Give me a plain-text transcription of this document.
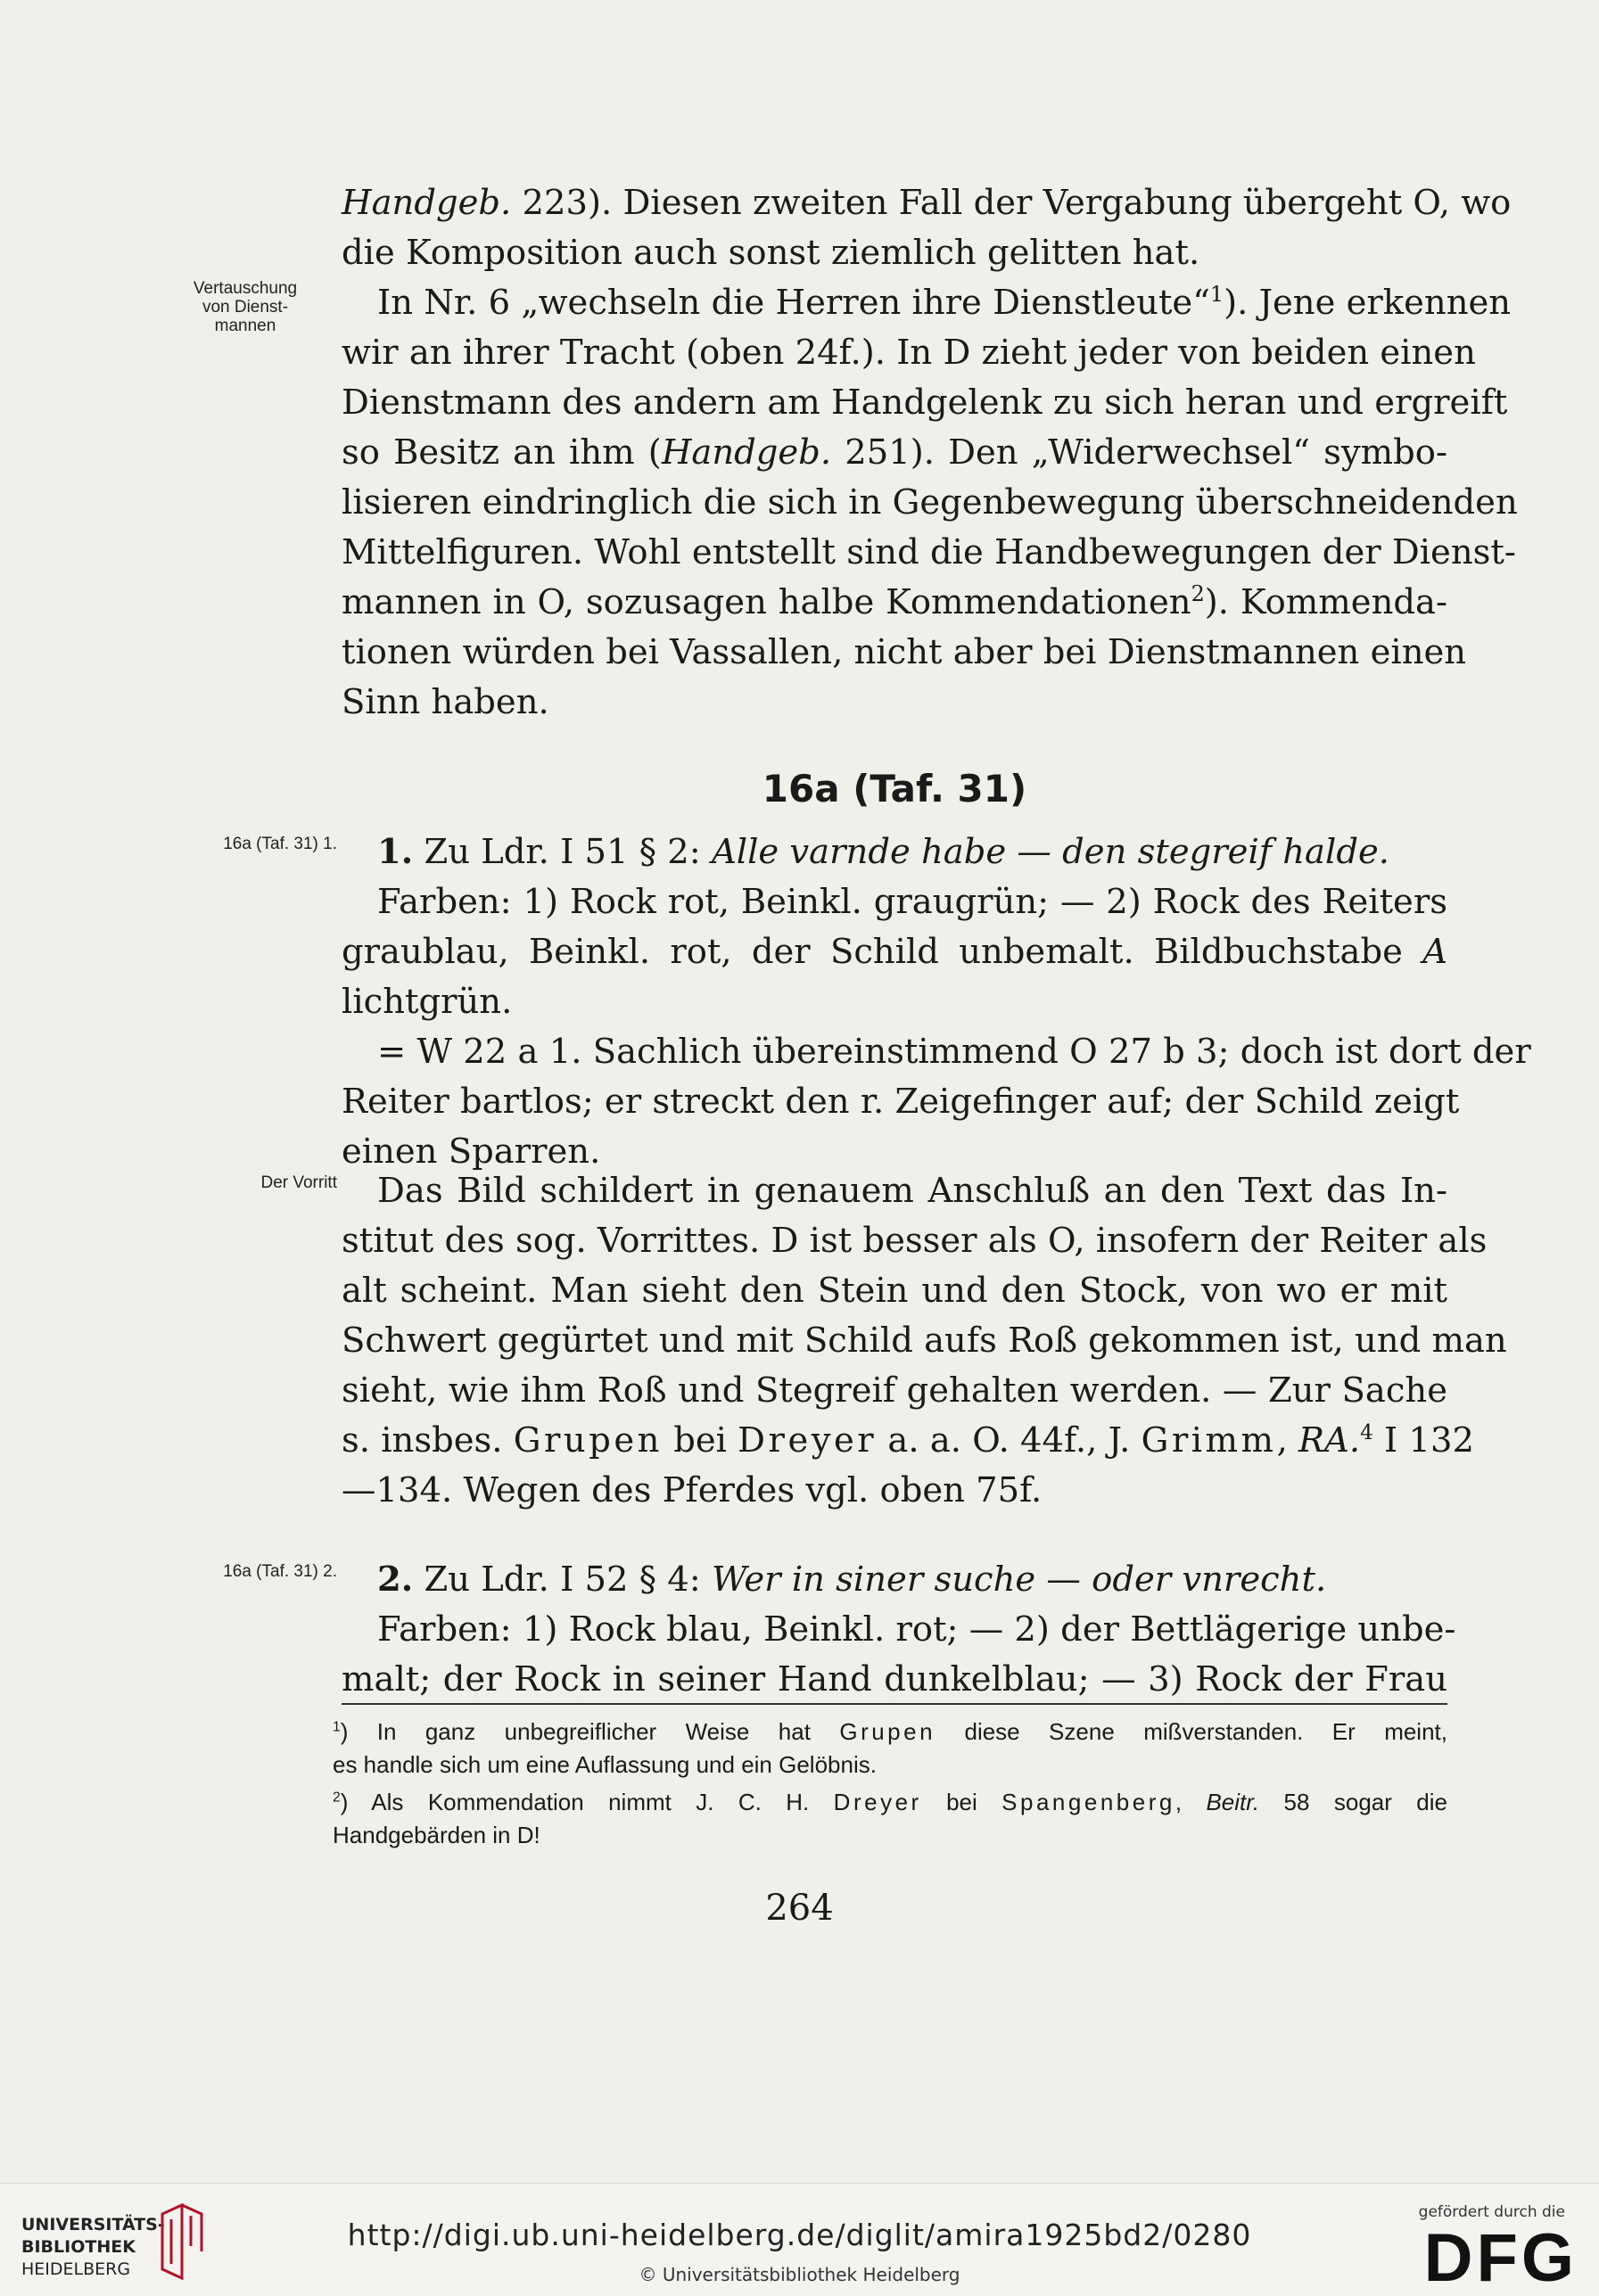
Vertauschung
von Dienst-
mannen
16a (Taf. 31) 1.
Der Vorritt
16a (Taf. 31) 2.
Handgeb. 223). Diesen zweiten Fall der Vergabung übergeht O, wo
die Komposition auch sonst ziemlich gelitten hat.
In Nr. 6 „wechseln die Herren ihre Dienstleute“$^1$). Jene erkennen
wir an ihrer Tracht (oben 24f.). In D zieht jeder von beiden einen
Dienstmann des andern am Handgelenk zu sich heran und ergreift
so Besitz an ihm (Handgeb. 251). Den „Widerwechsel“ symbo-
lisieren eindringlich die sich in Gegenbewegung überschneidenden
Mittelfiguren. Wohl entstellt sind die Handbewegungen der Dienst-
mannen in O, sozusagen halbe Kommendationen$^2$). Kommenda-
tionen würden bei Vassallen, nicht aber bei Dienstmannen einen
Sinn haben.
16a (Taf. 31)
1. Zu Ldr. I 51 § 2: Alle varnde habe — den stegreif halde.
Farben: 1) Rock rot, Beinkl. graugrün; — 2) Rock des Reiters
graublau, Beinkl. rot, der Schild unbemalt. Bildbuchstabe A
lichtgrün.
= W 22 a 1. Sachlich übereinstimmend O 27 b 3; doch ist dort der
Reiter bartlos; er streckt den r. Zeigefinger auf; der Schild zeigt
einen Sparren.
Das Bild schildert in genauem Anschluß an den Text das In-
stitut des sog. Vorrittes. D ist besser als O, insofern der Reiter als
alt scheint. Man sieht den Stein und den Stock, von wo er mit
Schwert gegürtet und mit Schild aufs Roß gekommen ist, und man
sieht, wie ihm Roß und Stegreif gehalten werden. — Zur Sache
s. insbes. Grupen bei Dreyer a. a. O. 44f., J. Grimm, RA.$^4$ I 132
—134. Wegen des Pferdes vgl. oben 75f.
2. Zu Ldr. I 52 § 4: Wer in siner suche — oder vnrecht.
Farben: 1) Rock blau, Beinkl. rot; — 2) der Bettlägerige unbe-
malt; der Rock in seiner Hand dunkelblau; — 3) Rock der Frau
$^1$) In ganz unbegreiflicher Weise hat Grupen diese Szene mißverstanden. Er meint,
es handle sich um eine Auflassung und ein Gelöbnis.
$^2$) Als Kommendation nimmt J. C. H. Dreyer bei Spangenberg, Beitr. 58 sogar die
Handgebärden in D!
264
UNIVERSITÄTS-
BIBLIOTHEK
HEIDELBERG
http://digi.ub.uni-heidelberg.de/diglit/amira1925bd2/0280
© Universitätsbibliothek Heidelberg
gefördert durch die
DFG
